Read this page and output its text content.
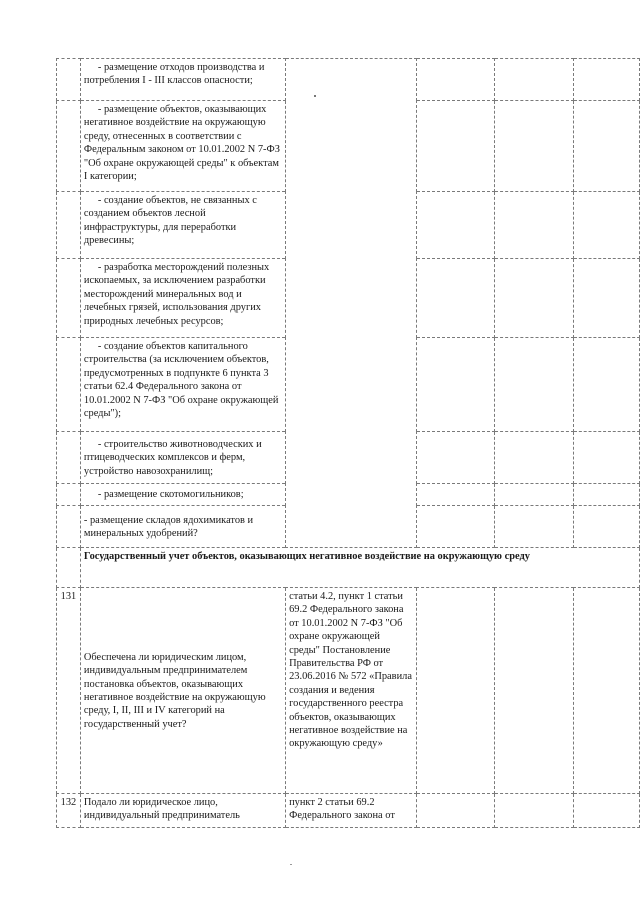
	- размещение отходов производства и потребления I - III классов опасности;				

	- размещение объектов, оказывающих негативное воздействие на окружающую среду, отнесенных в соответствии с Федеральным законом от 10.01.2002 N 7-ФЗ "Об охране окружающей среды" к объектам I категории;				

	- создание объектов, не связанных с созданием объектов лесной инфраструктуры, для переработки древесины;				

	- разработка месторождений полезных ископаемых, за исключением разработки месторождений минеральных вод и лечебных грязей, использования других природных лечебных ресурсов;				

	- создание объектов капитального строительства (за исключением объектов, предусмотренных в подпункте 6 пункта 3 статьи 62.4 Федерального закона от 10.01.2002 N 7-ФЗ "Об охране окружающей среды");				

	- строительство животноводческих и птицеводческих комплексов и ферм, устройство навозохранилищ;				

	- размещение скотомогильников;				

	- размещение складов ядохимикатов и минеральных удобрений?				
	Государственный учет объектов, оказывающих негативное воздействие на окружающую среду				
131	Обеспечена ли юридическим лицом, индивидуальным предпринимателем постановка объектов, оказывающих негативное воздействие на окружающую среду, I, II, III и IV категорий на государственный учет?	статьи 4.2, пункт 1 статьи 69.2 Федерального закона от 10.01.2002 N 7-ФЗ "Об охране окружающей среды" Постановление Правительства РФ от 23.06.2016 № 572 «Правила создания и ведения государственного реестра объектов, оказывающих негативное воздействие на окружающую среду»			
132	Подало ли юридическое лицо, индивидуальный предприниматель	пункт 2 статьи 69.2 Федерального закона от			
